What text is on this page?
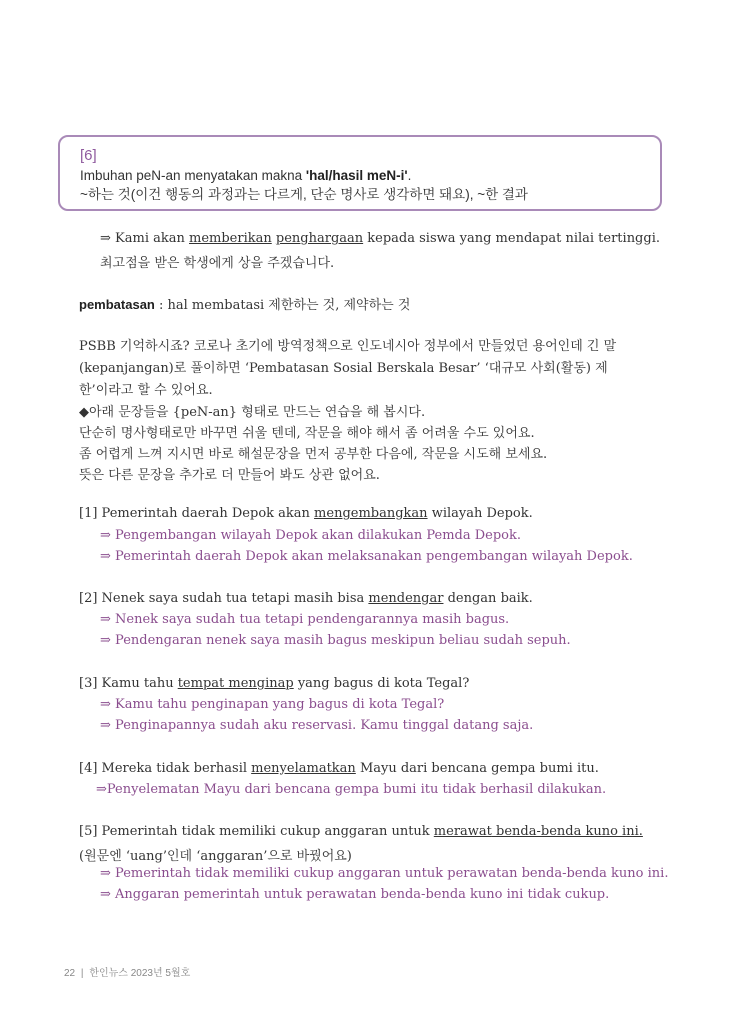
[6]
Imbuhan peN-an menyatakan makna 'hal/hasil meN-i'.
~하는 것(이건 행동의 과정과는 다르게, 단순 명사로 생각하면 돼요), ~한 결과
⇒ Kami akan memberikan penghargaan kepada siswa yang mendapat nilai tertinggi.
최고점을 받은 학생에게 상을 주겠습니다.
pembatasan : hal membatasi 제한하는 것, 제약하는 것
PSBB 기억하시죠? 코로나 초기에 방역정책으로 인도네시아 정부에서 만들었던 용어인데 긴 말
(kepanjangan)로 풀이하면 ‘Pembatasan Sosial Berskala Besar’ ‘대규모 사회(활동) 제
한’이라고 할 수 있어요.
◆아래 문장들을 {peN-an} 형태로 만드는 연습을 해 봅시다.
단순히 명사형태로만 바꾸면 쉬울 텐데, 작문을 해야 해서 좀 어려울 수도 있어요.
좀 어렵게 느껴 지시면 바로 해설문장을 먼저 공부한 다음에, 작문을 시도해 보세요.
뜻은 다른 문장을 추가로 더 만들어 봐도 상관 없어요.
[1] Pemerintah daerah Depok akan mengembangkan wilayah Depok.
⇒ Pengembangan wilayah Depok akan dilakukan Pemda Depok.
⇒ Pemerintah daerah Depok akan melaksanakan pengembangan wilayah Depok.
[2] Nenek saya sudah tua tetapi masih bisa mendengar dengan baik.
⇒ Nenek saya sudah tua tetapi pendengarannya masih bagus.
⇒ Pendengaran nenek saya masih bagus meskipun beliau sudah sepuh.
[3] Kamu tahu tempat menginap yang bagus di kota Tegal?
⇒ Kamu tahu penginapan yang bagus di kota Tegal?
⇒ Penginapannya sudah aku reservasi. Kamu tinggal datang saja.
[4] Mereka tidak berhasil menyelamatkan Mayu dari bencana gempa bumi itu.
⇒Penyelematan Mayu dari bencana gempa bumi itu tidak berhasil dilakukan.
[5] Pemerintah tidak memiliki cukup anggaran untuk merawat benda-benda kuno ini.
(원문엔 ‘uang’인데 ‘anggaran’으로 바꿨어요)
⇒ Pemerintah tidak memiliki cukup anggaran untuk perawatan benda-benda kuno ini.
⇒ Anggaran pemerintah untuk perawatan benda-benda kuno ini tidak cukup.
22 | 한인뉴스 2023년 5월호
